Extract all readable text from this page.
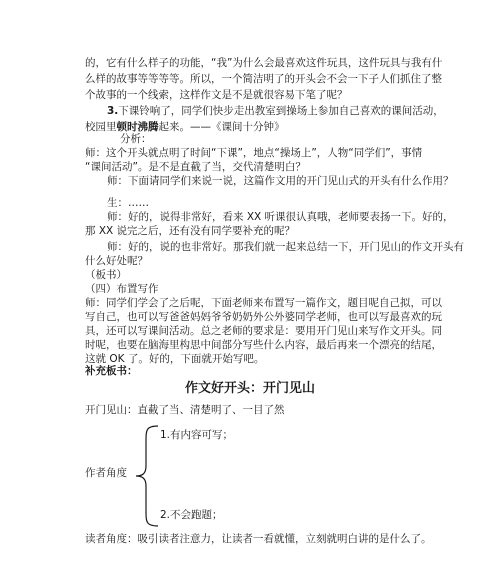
的，它有什么样子的功能，“我”为什么会最喜欢这件玩具，这件玩具与我有什
么样的故事等等等等。所以，一个简洁明了的开头会不会一下子人们抓住了整
个故事的一个线索，这样作文是不是就很容易下笔了呢？
3.下课铃响了，同学们快步走出教室到操场上参加自己喜欢的课间活动，
校园里顿时沸腾起来。——《课间十分钟》
分析：
师：这个开头就点明了时间“下课”，地点“操场上”，人物“同学们”，事情
“课间活动”。是不是直截了当，交代清楚明白？
师：下面请同学们来说一说，这篇作文用的开门见山式的开头有什么作用？
生：……
师：好的，说得非常好，看来 XX 听课很认真哦，老师要表扬一下。好的，
那 XX 说完之后，还有没有同学要补充的呢？
师：好的，说的也非常好。那我们就一起来总结一下，开门见山的作文开头有
什么好处呢？
（板书）
（四）布置写作
师：同学们学会了之后呢，下面老师来布置写一篇作文，题目呢自己拟，可以
写自己，也可以写爸爸妈妈爷爷奶奶外公外婆同学老师，也可以写最喜欢的玩
具，还可以写课间活动。总之老师的要求是：要用开门见山来写作文开头。同
时呢，也要在脑海里构思中间部分写些什么内容，最后再来一个漂亮的结尾，
这就 OK 了。好的，下面就开始写吧。
补充板书：
作文好开头：开门见山
开门见山：直截了当、清楚明了、一目了然
作者角度
1.有内容可写；
2.不会跑题；
读者角度：吸引读者注意力，让读者一看就懂，立刻就明白讲的是什么了。
